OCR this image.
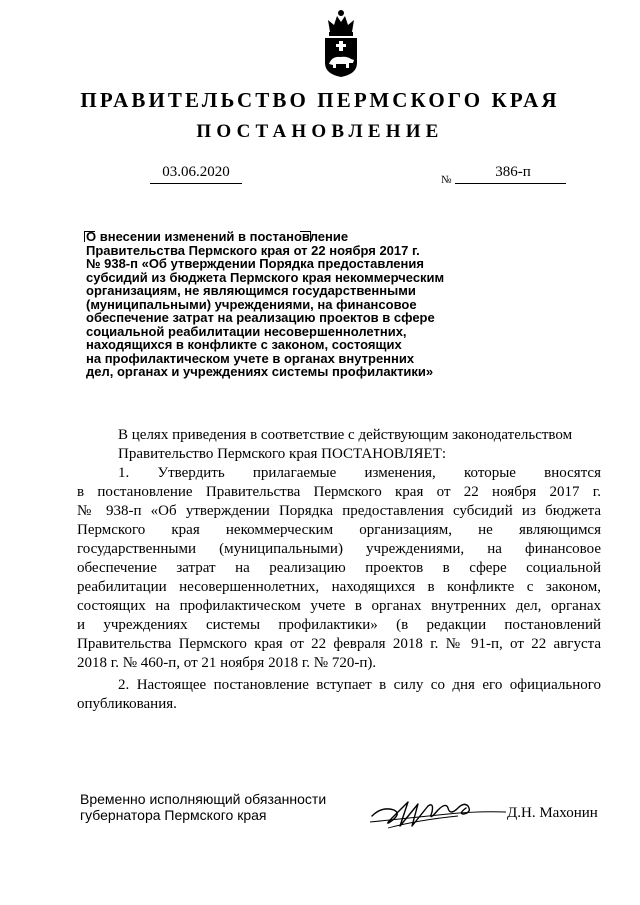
ПРАВИТЕЛЬСТВО ПЕРМСКОГО КРАЯ
ПОСТАНОВЛЕНИЕ
03.06.2020	№	386-п
О внесении изменений в постановление
Правительства Пермского края от 22 ноября 2017 г.
№ 938-п «Об утверждении Порядка предоставления
субсидий из бюджета Пермского края некоммерческим
организациям, не являющимся государственными
(муниципальными) учреждениями, на финансовое
обеспечение затрат на реализацию проектов в сфере
социальной реабилитации несовершеннолетних,
находящихся в конфликте с законом, состоящих
на профилактическом учете в органах внутренних
дел, органах и учреждениях системы профилактики»
В целях приведения в соответствие с действующим законодательством
Правительство Пермского края ПОСТАНОВЛЯЕТ:
1. Утвердить прилагаемые изменения, которые вносятся
в постановление Правительства Пермского края от 22 ноября 2017 г.
№ 938-п «Об утверждении Порядка предоставления субсидий из бюджета
Пермского края некоммерческим организациям, не являющимся
государственными (муниципальными) учреждениями, на финансовое
обеспечение затрат на реализацию проектов в сфере социальной
реабилитации несовершеннолетних, находящихся в конфликте с законом,
состоящих на профилактическом учете в органах внутренних дел, органах
и учреждениях системы профилактики» (в редакции постановлений
Правительства Пермского края от 22 февраля 2018 г. № 91-п, от 22 августа
2018 г. № 460-п, от 21 ноября 2018 г. № 720-п).
2. Настоящее постановление вступает в силу со дня его официального
опубликования.
Временно исполняющий обязанности
губернатора Пермского края	Д.Н. Махонин
